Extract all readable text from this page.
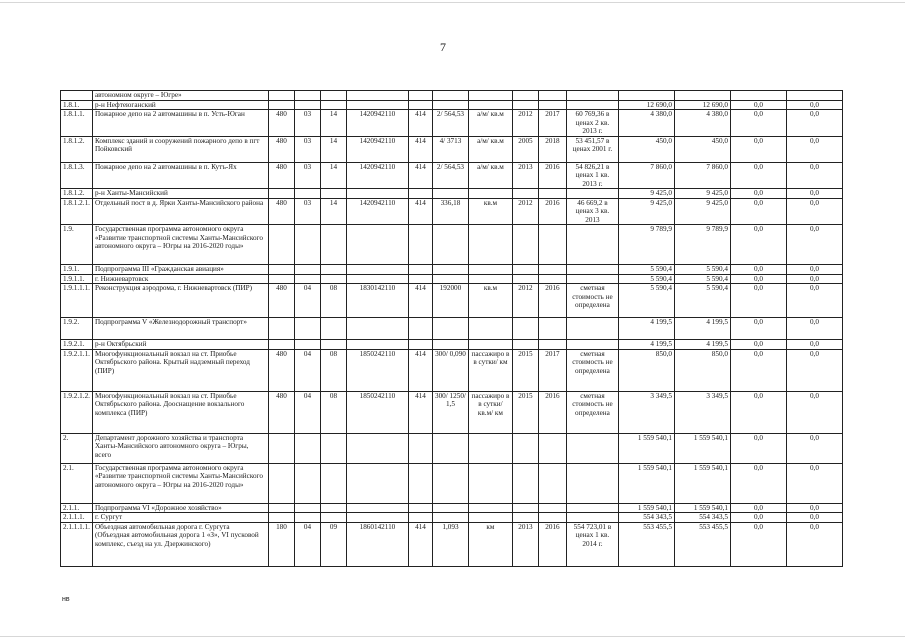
7
	автономном округе – Югре»														
1.8.1.	р-н Нефтеюганский											12 690,0	12 690,0	0,0	0,0
1.8.1.1.	Пожарное депо на 2 автомашины в п. Усть-Юган	480	03	14	1420942110	414	2/ 564,53	а/м/ кв.м	2012	2017	60 769,36 в ценах 2 кв. 2013 г.	4 380,0	4 380,0	0,0	0,0
1.8.1.2.	Комплекс зданий и сооружений пожарного депо в пгт Пойковский	480	03	14	1420942110	414	4/ 3713	а/м/ кв.м	2005	2018	53 451,57 в ценах 2001 г.	450,0	450,0	0,0	0,0
1.8.1.3.	Пожарное депо на 2 автомашины в п. Кутъ-Ях	480	03	14	1420942110	414	2/ 564,53	а/м/ кв.м	2013	2016	54 826,21 в ценах 1 кв. 2013 г.	7 860,0	7 860,0	0,0	0,0
1.8.1.2.	р-н Ханты-Мансийский											9 425,0	9 425,0	0,0	0,0
1.8.1.2.1.	Отдельный пост в д. Ярки Ханты-Мансийского района	480	03	14	1420942110	414	336,18	кв.м	2012	2016	46 669,2 в ценах 3 кв. 2013	9 425,0	9 425,0	0,0	0,0
1.9.	Государственная программа автономного округа «Развитие транспортной системы Ханты-Мансийского автономного округа – Югры на 2016-2020 годы»											9 789,9	9 789,9	0,0	0,0
1.9.1.	Подпрограмма III «Гражданская авиация»											5 590,4	5 590,4	0,0	0,0
1.9.1.1.	г. Нижневартовск											5 590,4	5 590,4	0,0	0,0
1.9.1.1.1.	Реконструкция аэродрома, г. Нижневартовск (ПИР)	480	04	08	1830142110	414	192000	кв.м	2012	2016	сметная стоимость не определена	5 590,4	5 590,4	0,0	0,0
1.9.2.	Подпрограмма V «Железнодорожный транспорт»											4 199,5	4 199,5	0,0	0,0
1.9.2.1.	р-н Октябрьский											4 199,5	4 199,5	0,0	0,0
1.9.2.1.1.	Многофункциональный вокзал на ст. Приобье Октябрьского района. Крытый надземный переход (ПИР)	480	04	08	1850242110	414	300/ 0,090	пассажиро в в сутки/ км	2015	2017	сметная стоимость не определена	850,0	850,0	0,0	0,0
1.9.2.1.2.	Многофункциональный вокзал на ст. Приобье Октябрьского района. Дооснащение вокзального комплекса (ПИР)	480	04	08	1850242110	414	300/ 1250/ 1,5	пассажиро в в сутки/ кв.м/ км	2015	2016	сметная стоимость не определена	3 349,5	3 349,5	0,0	0,0
2.	Департамент дорожного хозяйства и транспорта Ханты-Мансийского автономного округа – Югры, всего											1 559 540,1	1 559 540,1	0,0	0,0
2.1.	Государственная программа автономного округа «Развитие транспортной системы Ханты-Мансийского автономного округа – Югры на 2016-2020 годы»											1 559 540,1	1 559 540,1	0,0	0,0
2.1.1.	Подпрограмма VI «Дорожное хозяйство»											1 559 540,1	1 559 540,1	0,0	0,0
2.1.1.1.	г. Сургут											554 343,5	554 343,5	0,0	0,0
2.1.1.1.1.	Объездная автомобильная дорога г. Сургута (Объездная автомобильная дорога 1 «З», VI пусковой комплекс, съезд на ул. Дзержинского)	180	04	09	1860142110	414	1,093	км	2013	2016	554 723,01 в ценах 1 кв. 2014 г.	553 455,5	553 455,5	0,0	0,0
нв
